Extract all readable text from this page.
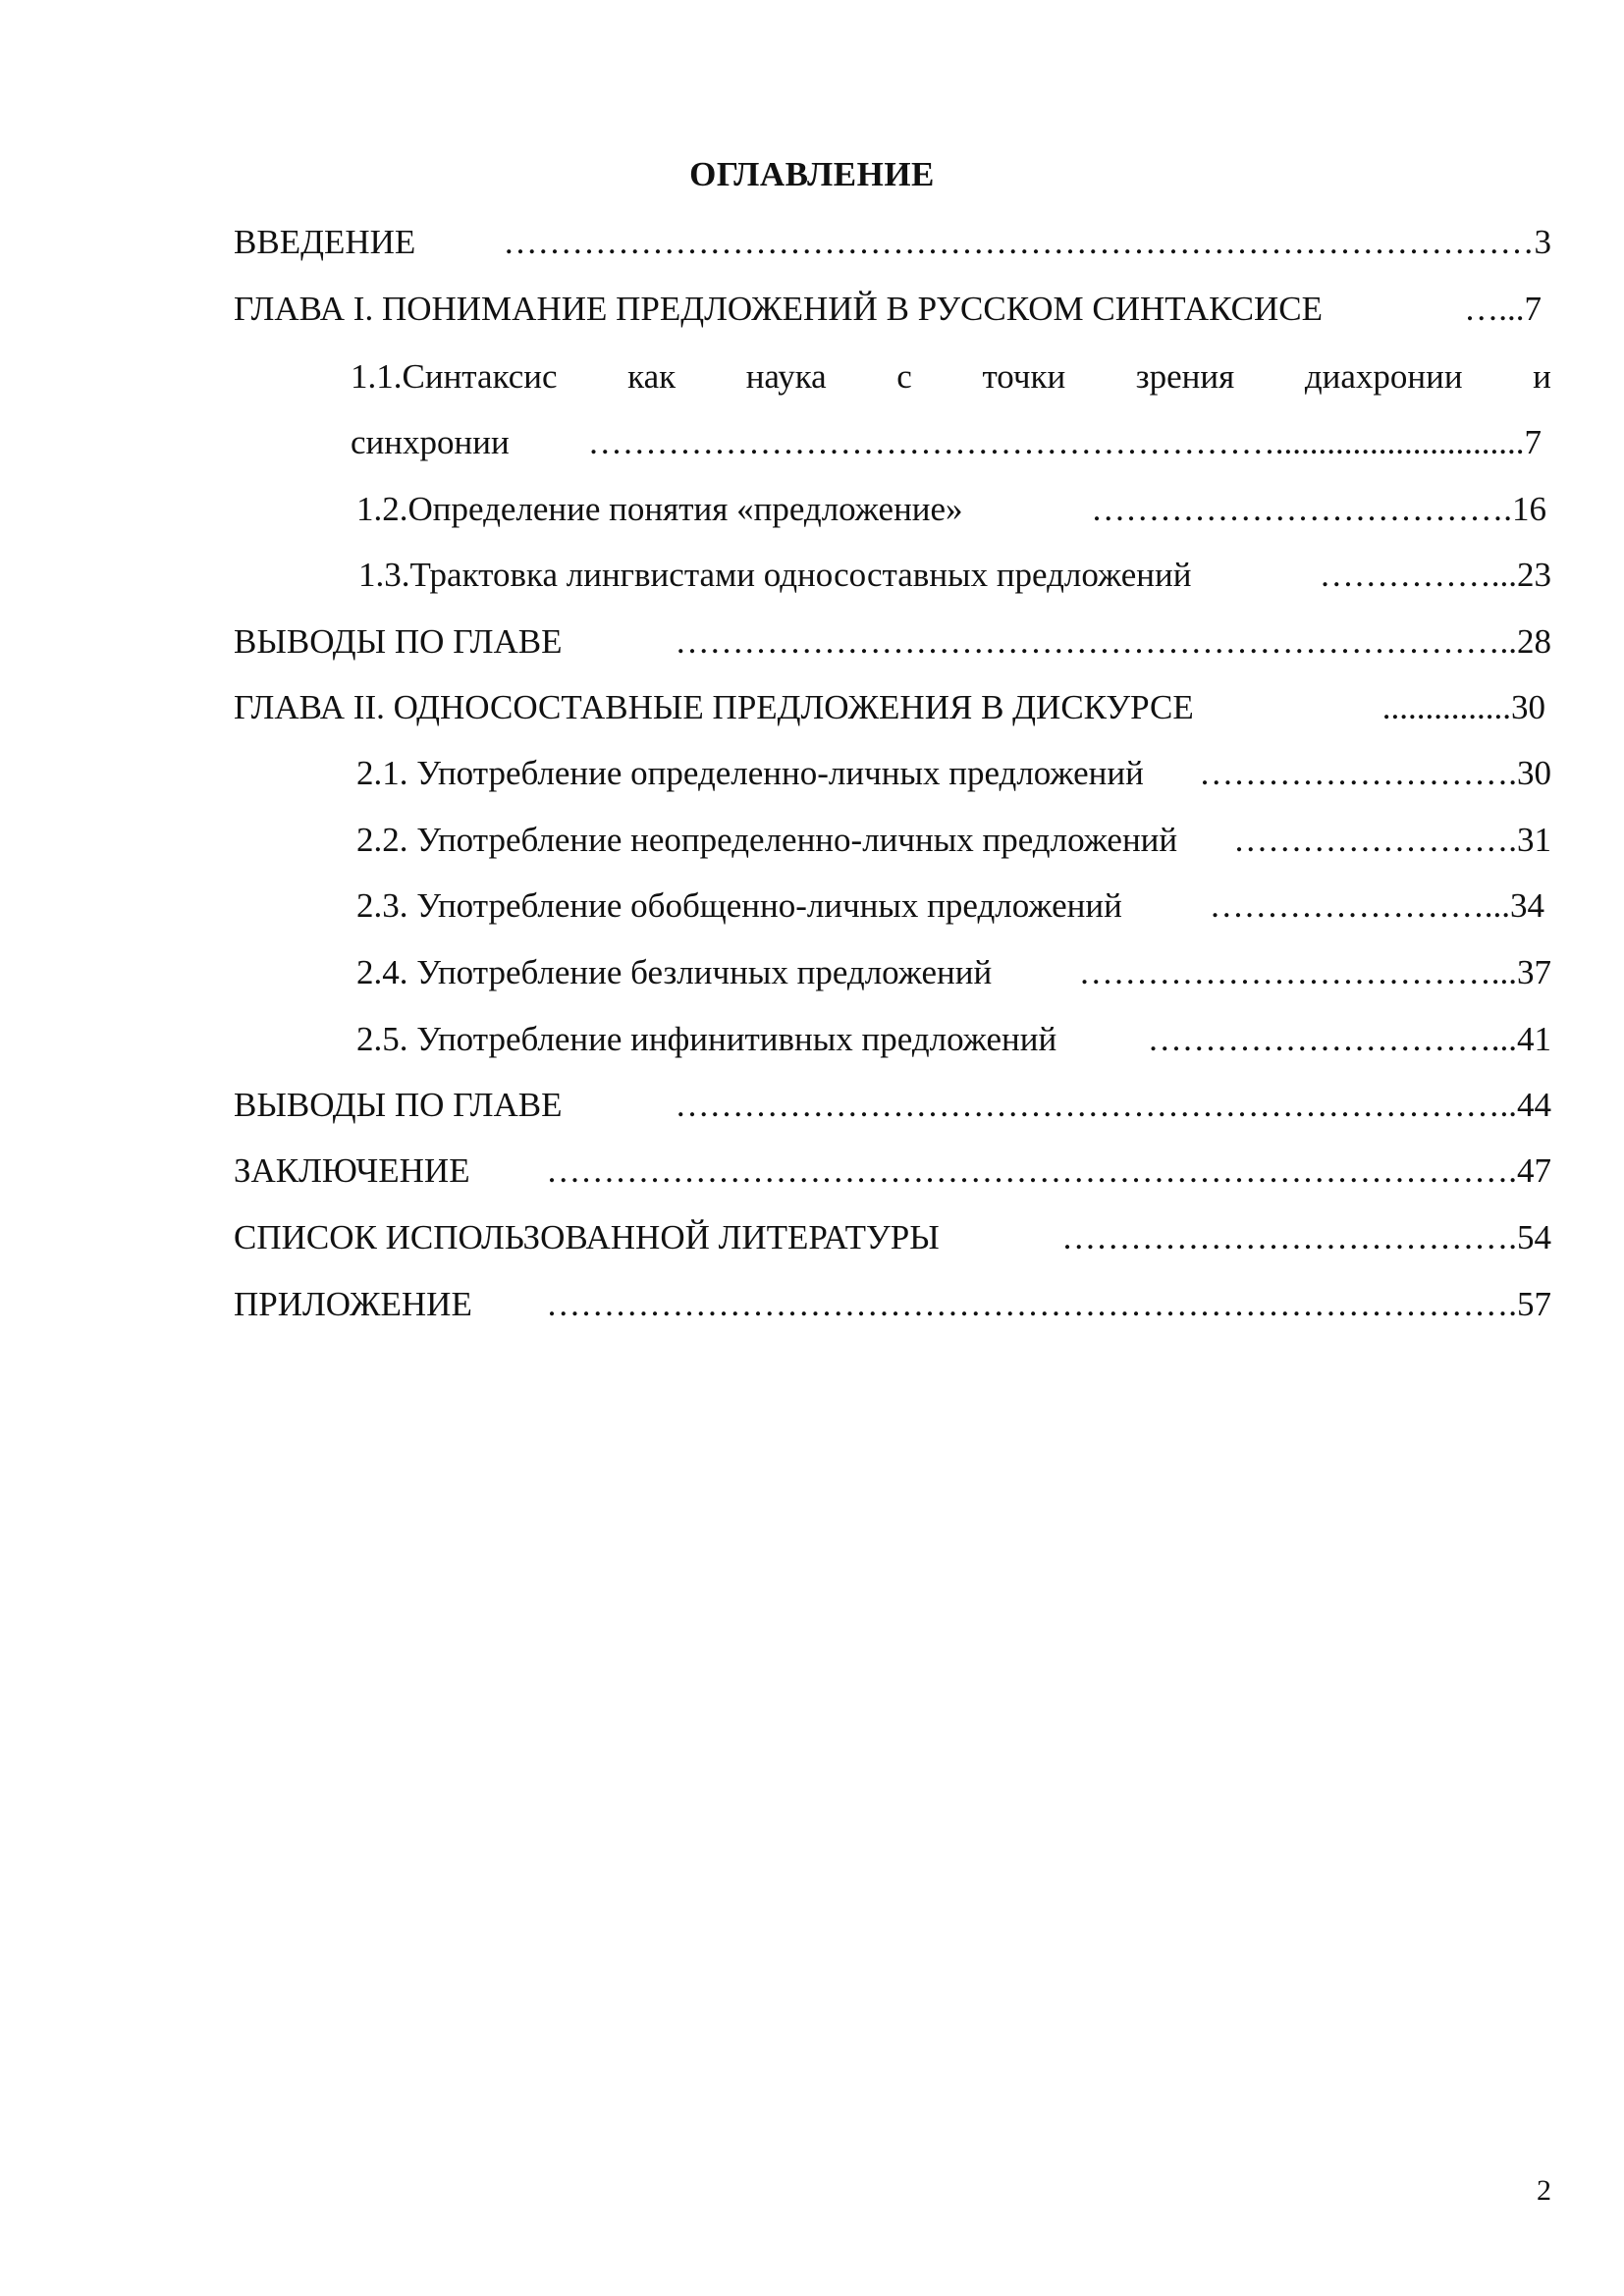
ОГЛАВЛЕНИЕ
ВВЕДЕНИЕ	………………………………………………………………………………3
ГЛАВА I. ПОНИМАНИЕ ПРЕДЛОЖЕНИЙ В РУССКОМ СИНТАКСИСЕ	…...7
1.1.Синтаксис как наука с точки зрения диахронии и
синхронии …………………………………………………….............................7
1.2.Определение понятия «предложение»	……………………………….16
1.3.Трактовка лингвистами односоставных предложений	……………...23
ВЫВОДЫ ПО ГЛАВЕ	………………………………………………………………..28
ГЛАВА II. ОДНОСОСТАВНЫЕ ПРЕДЛОЖЕНИЯ В ДИСКУРСЕ	...............30
2.1. Употребление определенно-личных предложений ……………………….30
2.2. Употребление неопределенно-личных предложений …………………….31
2.3. Употребление обобщенно-личных предложений	……………………...34
2.4. Употребление безличных предложений	………………………………...37
2.5. Употребление инфинитивных предложений	…………………………...41
ВЫВОДЫ ПО ГЛАВЕ	………………………………………………………………..44
ЗАКЛЮЧЕНИЕ ………………………………………………………………………….47
СПИСОК ИСПОЛЬЗОВАННОЙ ЛИТЕРАТУРЫ	………………………………….54
ПРИЛОЖЕНИЕ ………………………………………………………………………….57
2
